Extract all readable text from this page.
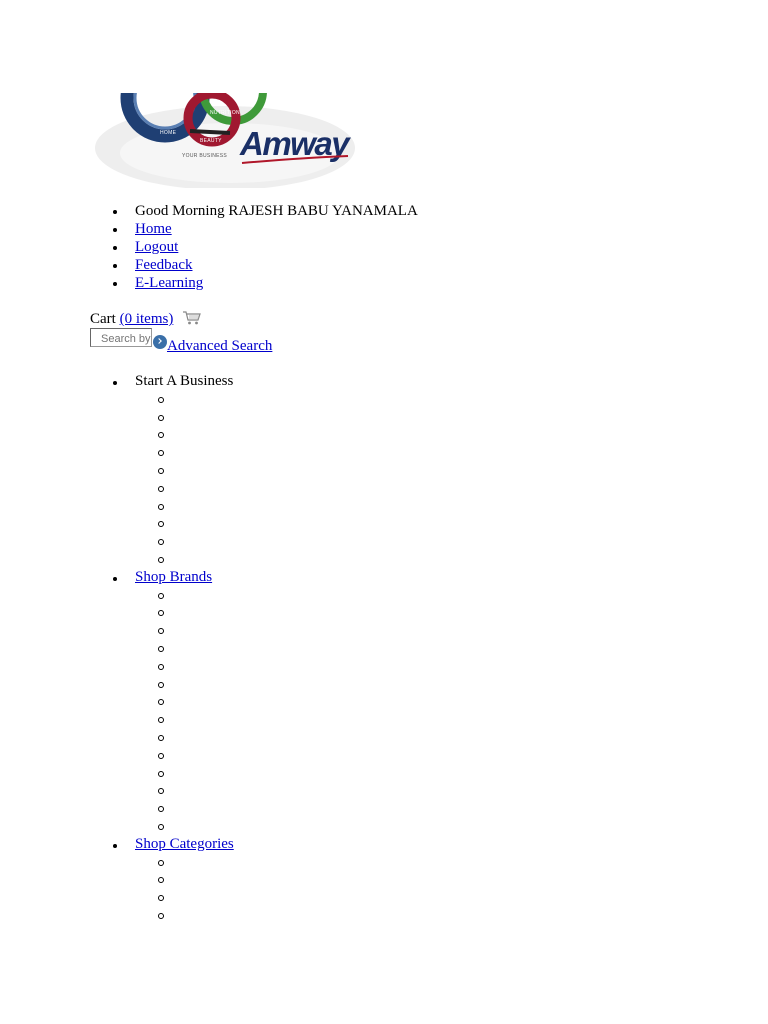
HOME
NUTRITION
BEAUTY
YOUR BUSINESS Amway
Good Morning RAJESH BABU YANAMALA
Home
Logout
Feedback
E-Learning
Cart (0 items)
Search by
Advanced Search
Start A Business
Shop Brands
Shop Categories
